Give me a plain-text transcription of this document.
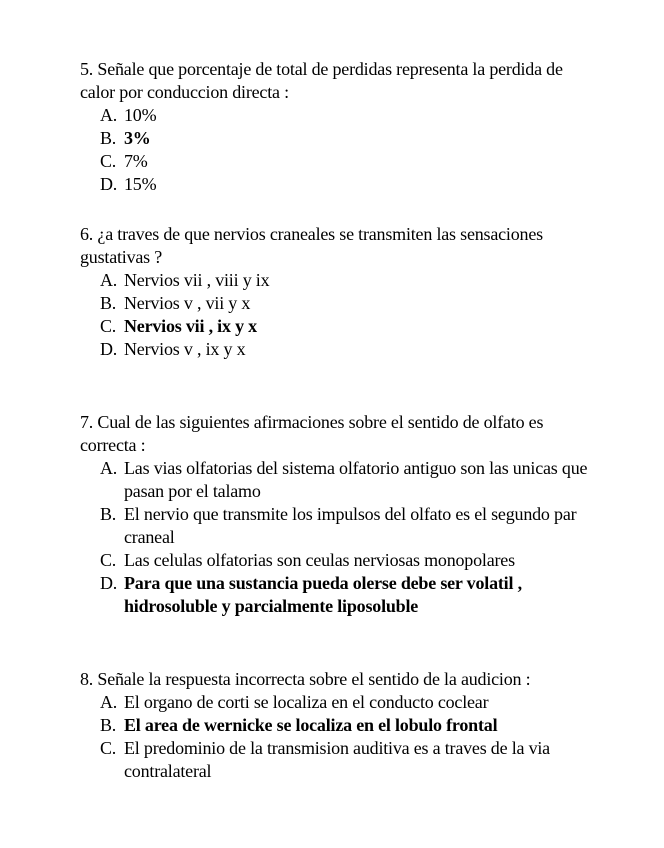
5. Señale que porcentaje de total de perdidas representa la perdida de calor por conduccion directa :

A. 10%
B. 3%
C. 7%
D. 15%

6. ¿a traves de que nervios craneales se transmiten las sensaciones gustativas ?

A. Nervios vii , viii y ix
B. Nervios v , vii y x
C. Nervios vii , ix y x
D. Nervios v , ix y x

7. Cual de las siguientes afirmaciones sobre el sentido de olfato es correcta :

A. Las vias olfatorias del sistema olfatorio antiguo son las unicas que pasan por el talamo
B. El nervio que transmite los impulsos del olfato es el segundo par craneal
C. Las celulas olfatorias son ceulas nerviosas monopolares
D. Para que una sustancia pueda olerse debe ser volatil , hidrosoluble y parcialmente liposoluble

8. Señale la respuesta incorrecta sobre el sentido de la audicion :

A. El organo de corti se localiza en el conducto coclear
B. El area de wernicke se localiza en el lobulo frontal
C. El predominio de la transmision auditiva es a traves de la via contralateral
